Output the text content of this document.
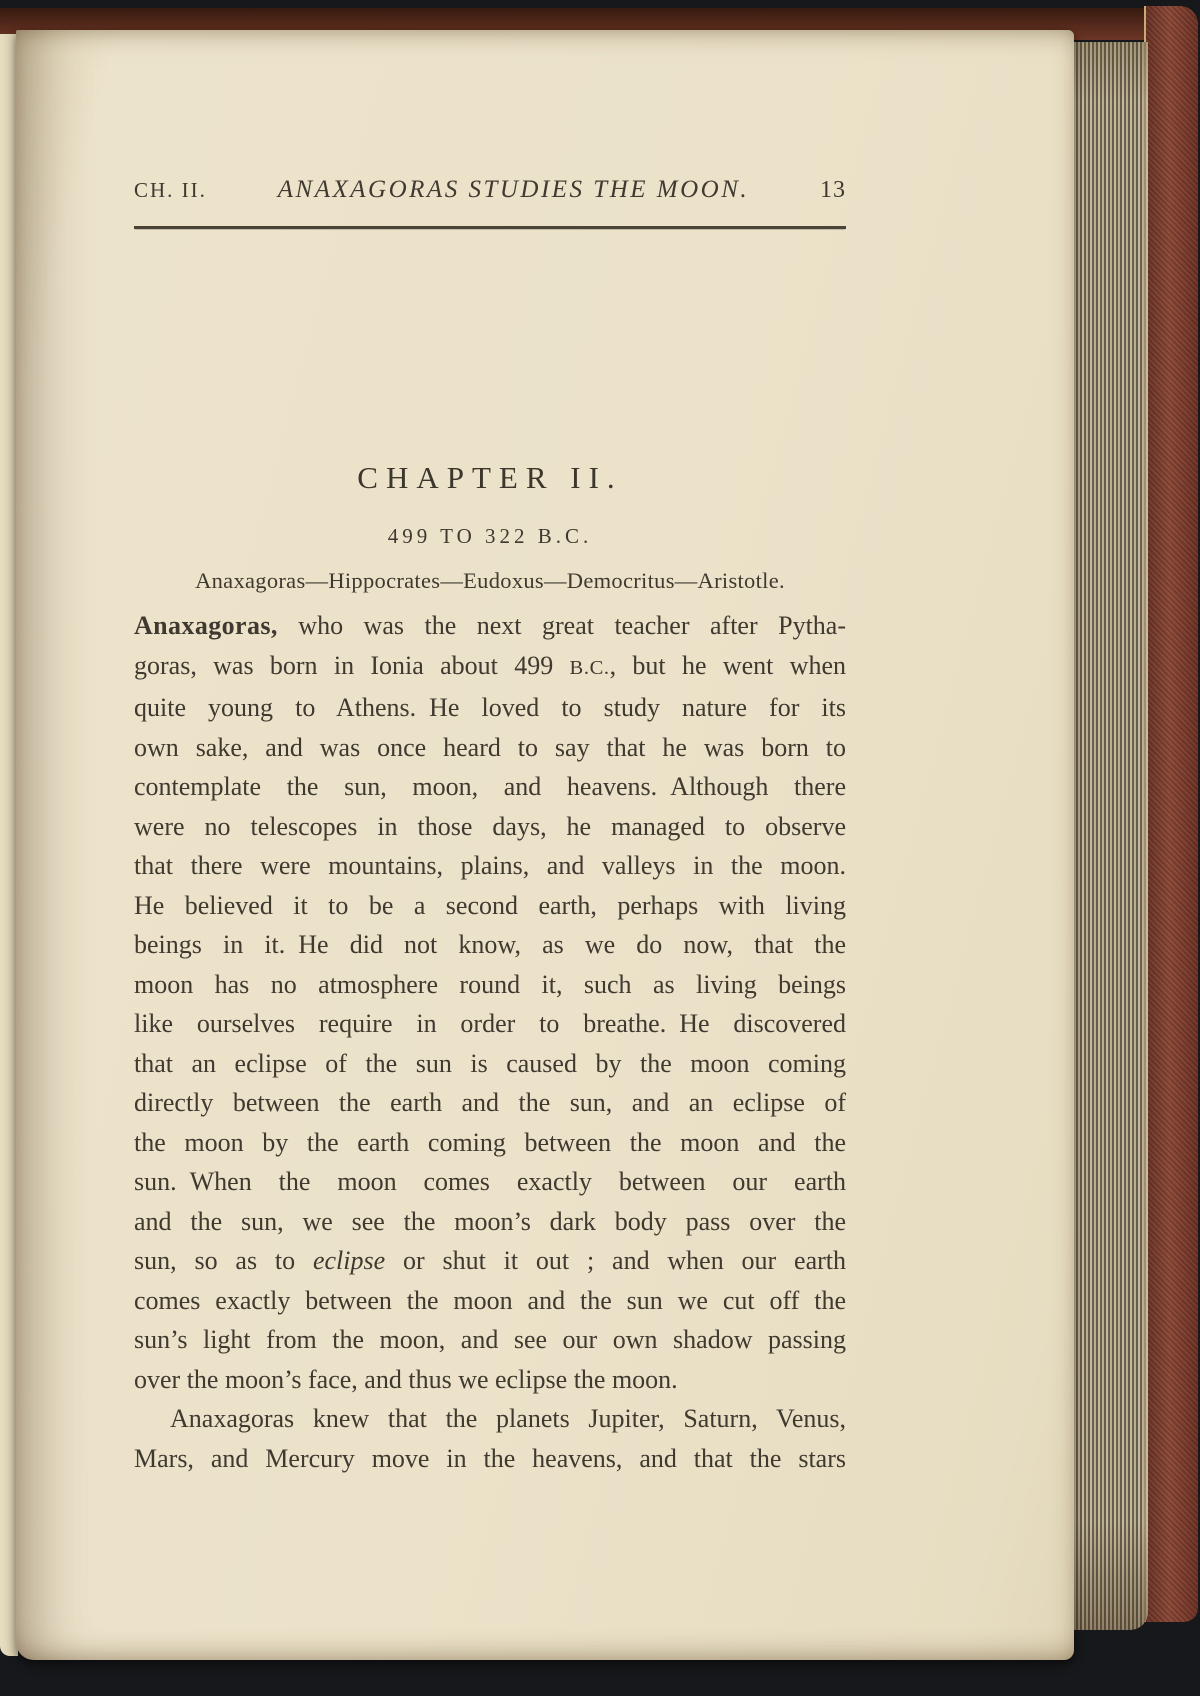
CH. II.	ANAXAGORAS STUDIES THE MOON.	13
CHAPTER II.
499 TO 322 B.C.
Anaxagoras—Hippocrates—Eudoxus—Democritus—Aristotle.
Anaxagoras, who was the next great teacher after Pytha-
goras, was born in Ionia about 499 B.C., but he went when
quite young to Athens. He loved to study nature for its
own sake, and was once heard to say that he was born to
contemplate the sun, moon, and heavens. Although there
were no telescopes in those days, he managed to observe
that there were mountains, plains, and valleys in the moon.
He believed it to be a second earth, perhaps with living
beings in it. He did not know, as we do now, that the
moon has no atmosphere round it, such as living beings
like ourselves require in order to breathe. He discovered
that an eclipse of the sun is caused by the moon coming
directly between the earth and the sun, and an eclipse of
the moon by the earth coming between the moon and the
sun. When the moon comes exactly between our earth
and the sun, we see the moon’s dark body pass over the
sun, so as to eclipse or shut it out ; and when our earth
comes exactly between the moon and the sun we cut off the
sun’s light from the moon, and see our own shadow passing
over the moon’s face, and thus we eclipse the moon.
Anaxagoras knew that the planets Jupiter, Saturn, Venus,
Mars, and Mercury move in the heavens, and that the stars
